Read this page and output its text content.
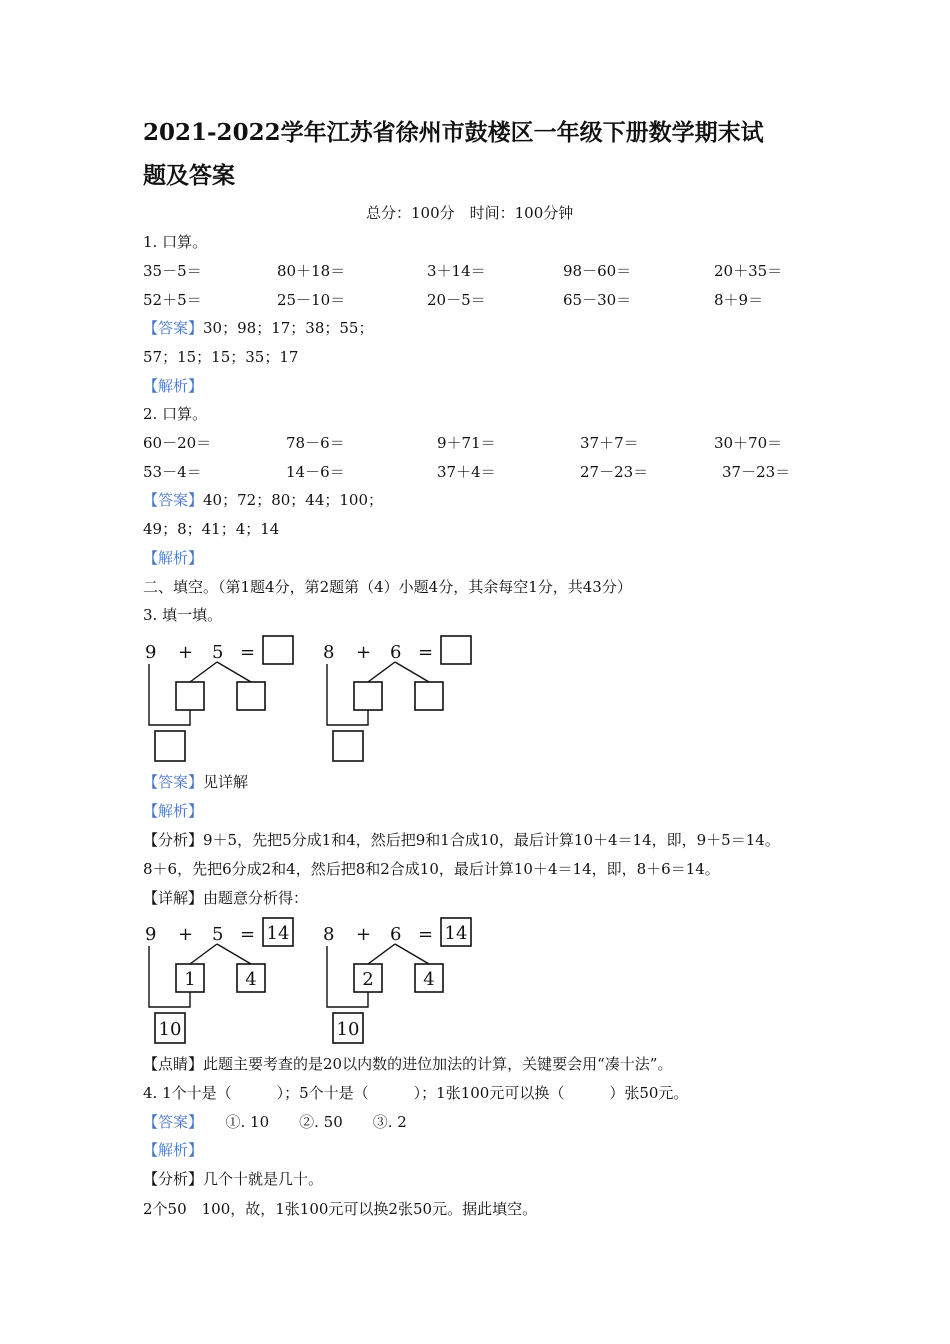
2021-2022学年江苏省徐州市鼓楼区一年级下册数学期末试
题及答案
总分：100分　时间：100分钟
1. 口算。
35－5＝	80＋18＝	3＋14＝	98－60＝	20＋35＝
52＋5＝	25－10＝	20－5＝	65－30＝	8＋9＝
【答案】30；98；17；38；55；
57；15；15；35；17
【解析】
2. 口算。
60－20＝	78－6＝	9＋71＝	37＋7＝	30＋70＝
53－4＝	14－6＝	37＋4＝	27－23＝	37－23＝
【答案】40；72；80；44；100；
49；8；41；4；14
【解析】
二、填空。（第1题4分，第2题第（4）小题4分，其余每空1分，共43分）
3. 填一填。
9 + 5 =	8 + 6 =
【答案】见详解
【解析】
【分析】9＋5，先把5分成1和4，然后把9和1合成10，最后计算10＋4＝14，即，9＋5＝14。
8＋6，先把6分成2和4，然后把8和2合成10，最后计算10＋4＝14，即，8＋6＝14。
【详解】由题意分析得：
9 + 5 = 14
1	4
10
8 + 6 = 14
2	4
10
【点睛】此题主要考查的是20以内数的进位加法的计算，关键要会用“凑十法”。
4. 1个十是（　　　）；5个十是（　　　）；1张100元可以换（　　　）张50元。
【答案】　　①. 10　　②. 50　　③. 2
【解析】
【分析】几个十就是几十。
2个50　100，故，1张100元可以换2张50元。据此填空。
